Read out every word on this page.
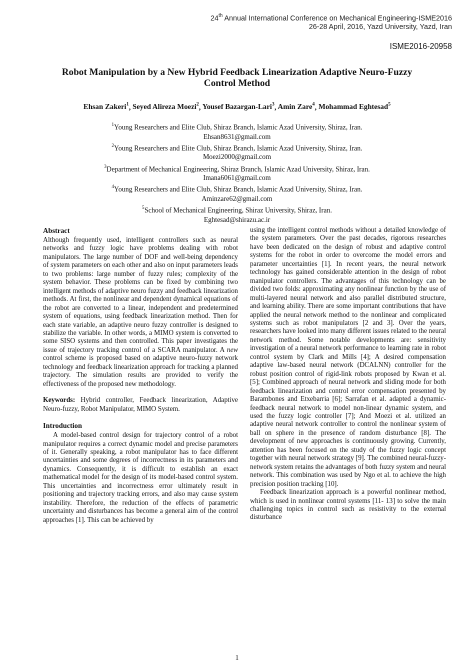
24th Annual International Conference on Mechanical Engineering-ISME2016
26-28 April, 2016, Yazd University, Yazd, Iran
ISME2016-20958
Robot Manipulation by a New Hybrid Feedback Linearization Adaptive Neuro-Fuzzy Control Method
Ehsan Zakeri$^1$, Seyed Alireza Moezi$^2$, Yousef Bazargan-Lari$^3$, Amin Zare$^4$, Mohammad Eghtesad$^5$
$^1$Young Researchers and Elite Club, Shiraz Branch, Islamic Azad University, Shiraz, Iran.
Ehsan8631@gmail.com
$^2$Young Researchers and Elite Club, Shiraz Branch, Islamic Azad University, Shiraz, Iran.
Moezi2000@gmail.com
$^3$Department of Mechanical Engineering, Shiraz Branch, Islamic Azad University, Shiraz, Iran.
Imana6061@gmail.com
$^4$Young Researchers and Elite Club, Shiraz Branch, Islamic Azad University, Shiraz, Iran.
Aminzare62@gmail.com
$^5$School of Mechanical Engineering, Shiraz University, Shiraz, Iran.
Eghtesad@shirazu.ac.ir
Abstract

Although frequently used, intelligent controllers such as neural networks and fuzzy logic have problems dealing with robot manipulators. The large number of DOF and well-being dependency of system parameters on each other and also on input parameters leads to two problems: large number of fuzzy rules; complexity of the system behavior. These problems can be fixed by combining two intelligent methods of adaptive neuro fuzzy and feedback linearization methods. At first, the nonlinear and dependent dynamical equations of the robot are converted to a linear, independent and predetermined system of equations, using feedback linearization method. Then for each state variable, an adaptive neuro fuzzy controller is designed to stabilize the variable. In other words, a MIMO system is converted to some SISO systems and then controlled. This paper investigates the issue of trajectory tracking control of a SCARA manipulator. A new control scheme is proposed based on adaptive neuro-fuzzy network technology and feedback linearization approach for tracking a planned trajectory. The simulation results are provided to verify the effectiveness of the proposed new methodology.

Keywords: Hybrid controller, Feedback linearization, Adaptive Neuro-fuzzy, Robot Manipulator, MIMO System.

Introduction

A model-based control design for trajectory control of a robot manipulator requires a correct dynamic model and precise parameters of it. Generally speaking, a robot manipulator has to face different uncertainties and some degrees of incorrectness in its parameters and dynamics. Consequently, it is difficult to establish an exact mathematical model for the design of its model-based control system. This uncertainties and incorrectness error ultimately result in positioning and trajectory tracking errors, and also may cause system instability. Therefore, the reduction of the effects of parametric uncertainty and disturbances has become a general aim of the control approaches [1]. This can be achieved by

using the intelligent control methods without a detailed knowledge of the system parameters. Over the past decades, rigorous researches have been dedicated on the design of robust and adaptive control systems for the robot in order to overcome the model errors and parameter uncertainties [1]. In recent years, the neural network technology has gained considerable attention in the design of robot manipulator controllers. The advantages of this technology can be divided two folds: approximating any nonlinear function by the use of multi-layered neural network and also parallel distributed structure, and learning ability. There are some important contributions that have applied the neural network method to the nonlinear and complicated systems such as robot manipulators [2 and 3]. Over the years, researchers have looked into many different issues related to the neural network method. Some notable developments are: sensitivity investigation of a neural network performance to learning rate in robot control system by Clark and Mills [4]; A desired compensation adaptive law-based neural network (DCALNN) controller for the robust position control of rigid-link robots proposed by Kwan et al. [5]; Combined approach of neural network and sliding mode for both feedback linearization and control error compensation presented by Barambones and Etxebarria [6]; Sarrafan et al. adapted a dynamic-feedback neural network to model non-linear dynamic system, and used the fuzzy logic controller [7]; And Moezi et al. utilized an adaptive neural network controller to control the nonlinear system of ball on sphere in the presence of random disturbance [8]. The development of new approaches is continuously growing. Currently, attention has been focused on the study of the fuzzy logic concept together with neural network strategy [9]. The combined neural-fuzzy-network system retains the advantages of both fuzzy system and neural network. This combination was used by Ngo et al. to achieve the high precision position tracking [10].

Feedback linearization approach is a powerful nonlinear method, which is used in nonlinear control systems [11- 13] to solve the main challenging topics in control such as resistivity to the external disturbance

1
